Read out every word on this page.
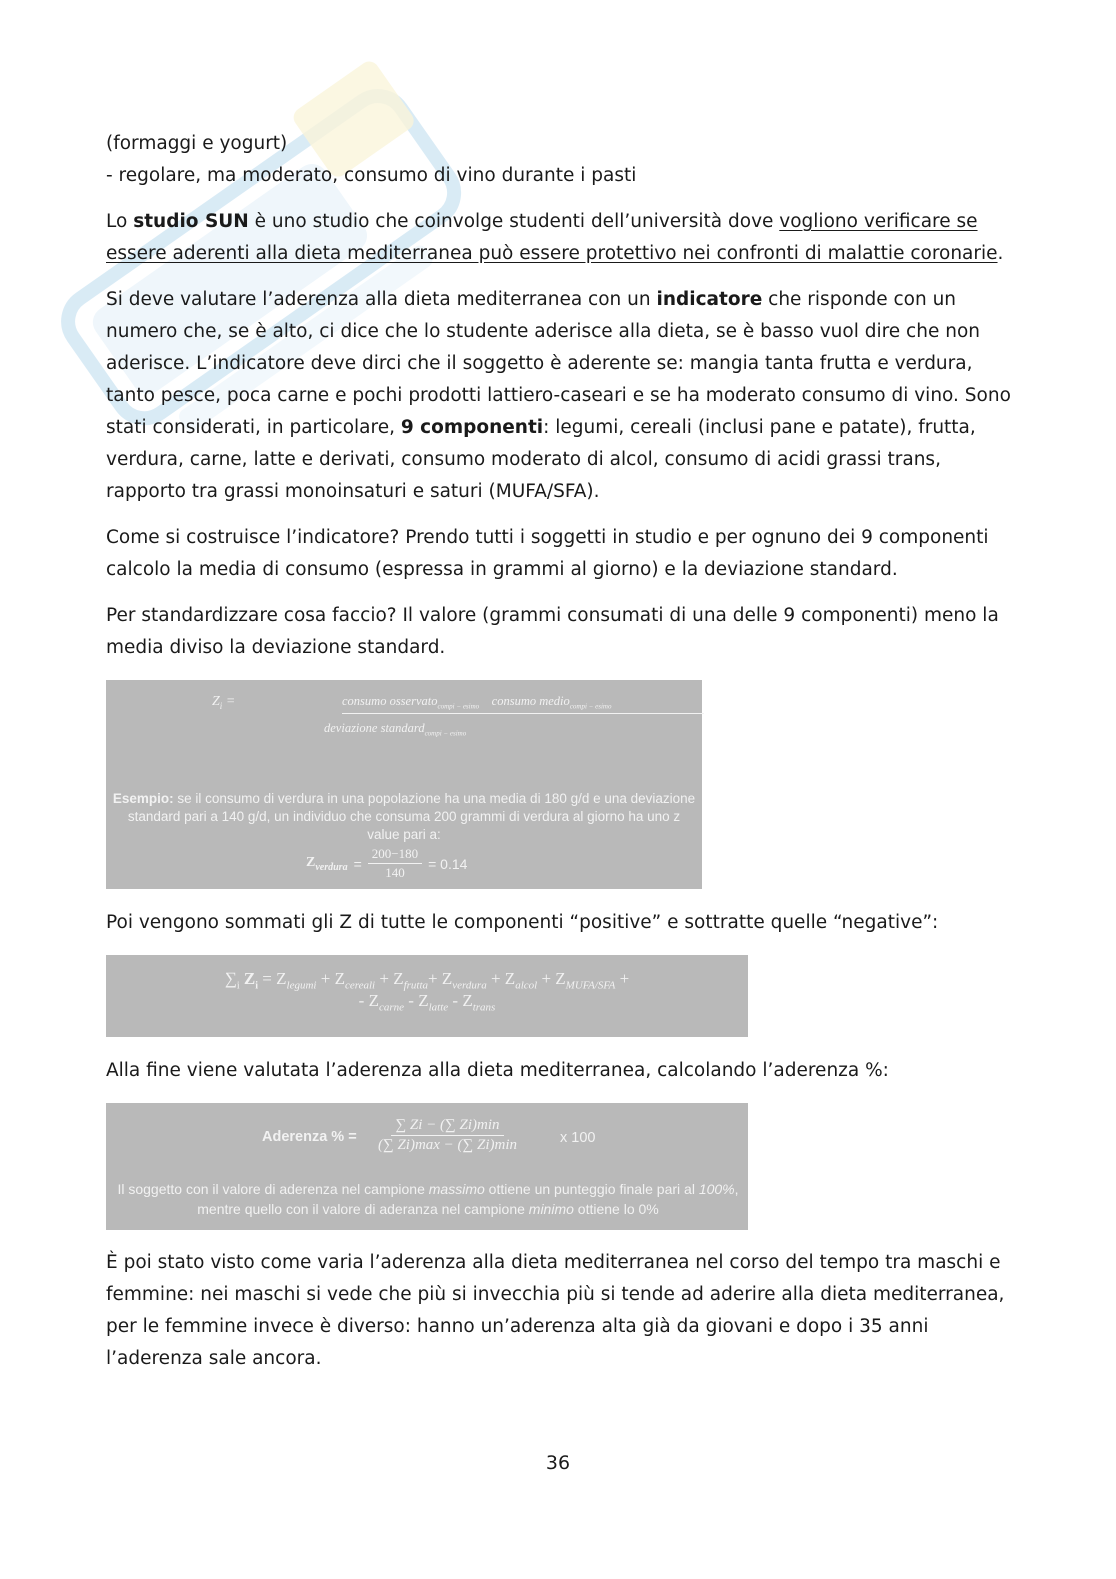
(formaggi e yogurt)

- regolare, ma moderato, consumo di vino durante i pasti

Lo studio SUN è uno studio che coinvolge studenti dell’università dove vogliono verificare se essere aderenti alla dieta mediterranea può essere protettivo nei confronti di malattie coronarie.

Si deve valutare l’aderenza alla dieta mediterranea con un indicatore che risponde con un numero che, se è alto, ci dice che lo studente aderisce alla dieta, se è basso vuol dire che non aderisce. L’indicatore deve dirci che il soggetto è aderente se: mangia tanta frutta e verdura, tanto pesce, poca carne e pochi prodotti lattiero-caseari e se ha moderato consumo di vino. Sono stati considerati, in particolare, 9 componenti: legumi, cereali (inclusi pane e patate), frutta, verdura, carne, latte e derivati, consumo moderato di alcol, consumo di acidi grassi trans, rapporto tra grassi monoinsaturi e saturi (MUFA/SFA).

Come si costruisce l’indicatore? Prendo tutti i soggetti in studio e per ognuno dei 9 componenti calcolo la media di consumo (espressa in grammi al giorno) e la deviazione standard.

Per standardizzare cosa faccio? Il valore (grammi consumati di una delle 9 componenti) meno la media diviso la deviazione standard.

$Z_i$ =	consumo osservato$_{compi - esimo}$ consumo medio$_{compi - esimo}$
deviazione standard$_{compi - esimo}$
Esempio: se il consumo di verdura in una popolazione ha una media di 180 g/d e una deviazione standard pari a 140 g/d, un individuo che consuma 200 grammi di verdura al giorno ha uno z value pari a:
$Z_{verdura} = \frac{200-180}{140} = 0.14$

Poi vengono sommati gli Z di tutte le componenti “positive” e sottratte quelle “negative”:

$\sum_i$ $Z_i = Z_{legumi} + Z_{cereali} + Z_{frutta}+ Z_{verdura} + Z_{alcol} + Z_{MUFA/SFA}$ +
- $Z_{carne} - Z_{latte} - Z_{trans}$

Alla fine viene valutata l’aderenza alla dieta mediterranea, calcolando l’aderenza %:

Aderenza % =
∑ Zi − (∑ Zi)min
(∑ Zi)max − (∑ Zi)min	x 100
Il soggetto con il valore di aderenza nel campione massimo ottiene un punteggio finale pari al 100%, mentre quello con il valore di aderanza nel campione minimo ottiene lo 0%

È poi stato visto come varia l’aderenza alla dieta mediterranea nel corso del tempo tra maschi e femmine: nei maschi si vede che più si invecchia più si tende ad aderire alla dieta mediterranea, per le femmine invece è diverso: hanno un’aderenza alta già da giovani e dopo i 35 anni l’aderenza sale ancora.

36
